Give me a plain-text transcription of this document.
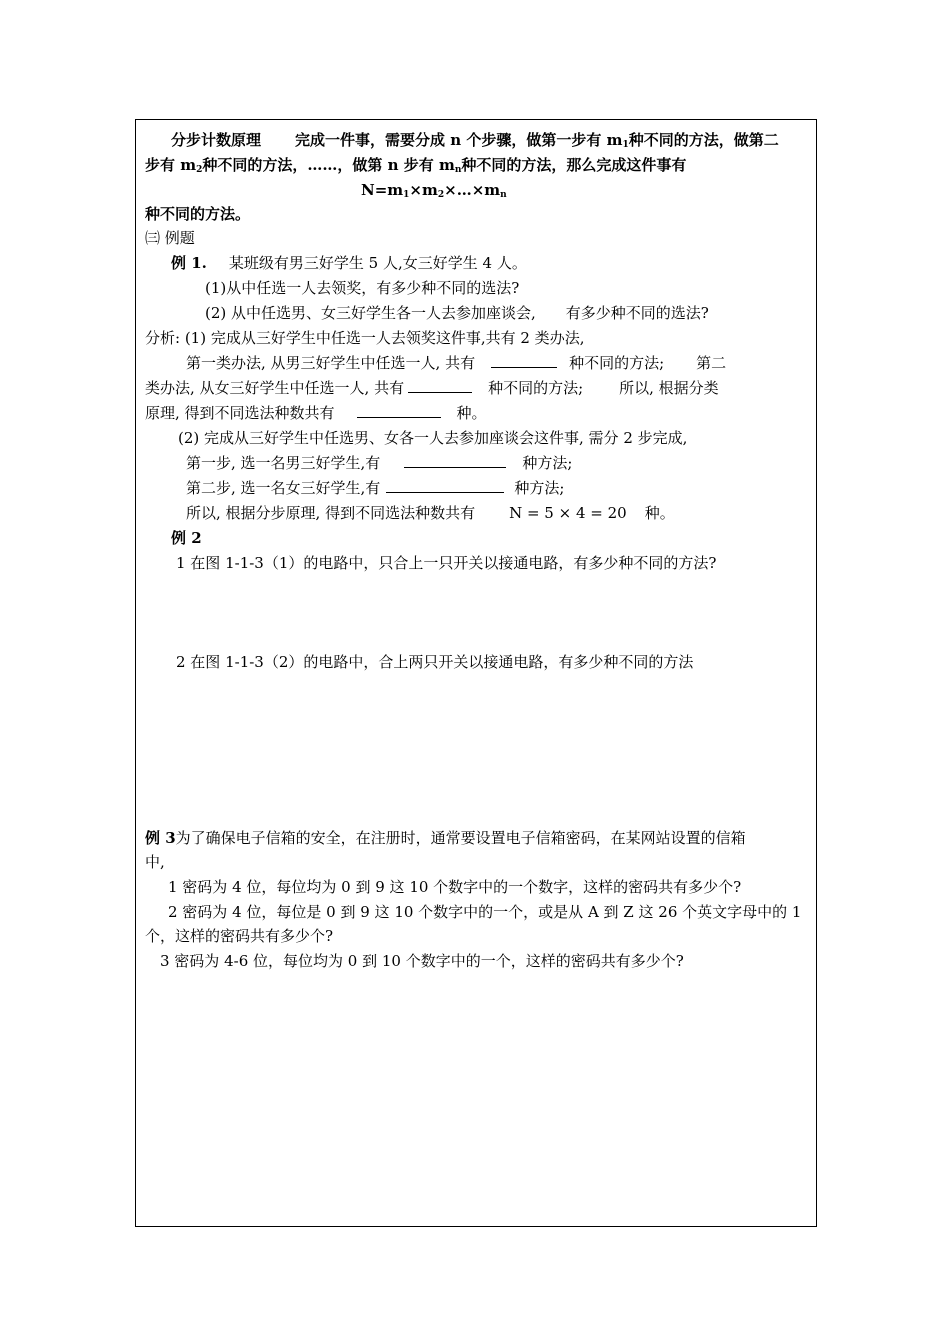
分步计数原理 完成一件事，需要分成 n 个步骤，做第一步有 $m_1$种不同的方法，做第二
步有 $m_2$种不同的方法，……，做第 n 步有 $m_n$种不同的方法，那么完成这件事有
$N=m_1\times m_2\times\dots\times m_n$
种不同的方法。
㈢ 例题
例 1. 某班级有男三好学生 5 人,女三好学生 4 人。
(1)从中任选一人去领奖，有多少种不同的选法?
(2) 从中任选男、女三好学生各一人去参加座谈会, 有多少种不同的选法?
分析: (1) 完成从三好学生中任选一人去领奖这件事,共有 2 类办法,
第一类办法, 从男三好学生中任选一人, 共有	种不同的方法; 第二
类办法, 从女三好学生中任选一人, 共有	种不同的方法; 所以, 根据分类
原理, 得到不同选法种数共有	种。
(2) 完成从三好学生中任选男、女各一人去参加座谈会这件事, 需分 2 步完成,
第一步, 选一名男三好学生,有	种方法;
第二步, 选一名女三好学生,有	种方法;
所以, 根据分步原理, 得到不同选法种数共有 N = 5 × 4 = 20 种。
例 2
1 在图 1-1-3（1）的电路中，只合上一只开关以接通电路，有多少种不同的方法?
2 在图 1-1-3（2）的电路中，合上两只开关以接通电路，有多少种不同的方法
例 3为了确保电子信箱的安全，在注册时，通常要设置电子信箱密码，在某网站设置的信箱
中,
1 密码为 4 位，每位均为 0 到 9 这 10 个数字中的一个数字，这样的密码共有多少个?
2 密码为 4 位，每位是 0 到 9 这 10 个数字中的一个，或是从 A 到 Z 这 26 个英文字母中的 1
个，这样的密码共有多少个?
3 密码为 4-6 位，每位均为 0 到 10 个数字中的一个，这样的密码共有多少个?
